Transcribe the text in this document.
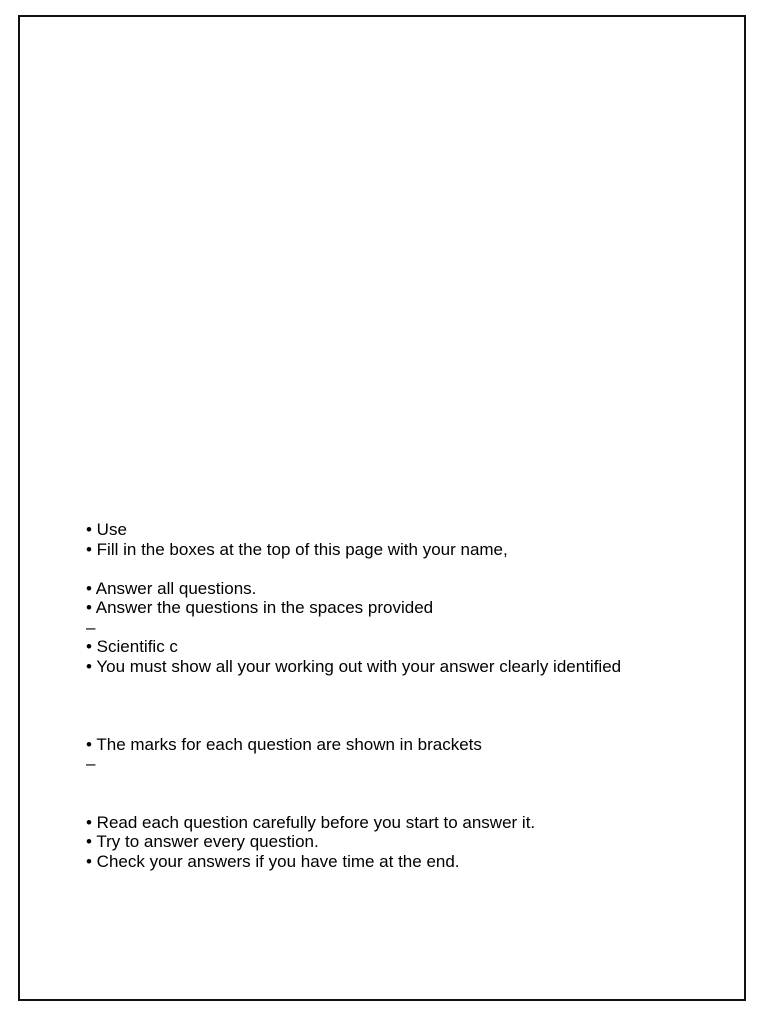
• Use
• Fill in the boxes at the top of this page with your name,
• Answer all questions.
• Answer the questions in the spaces provided
–
• Scientific c
• You must show all your working out with your answer clearly identified
• The marks for each question are shown in brackets
–
• Read each question carefully before you start to answer it.
• Try to answer every question.
• Check your answers if you have time at the end.
